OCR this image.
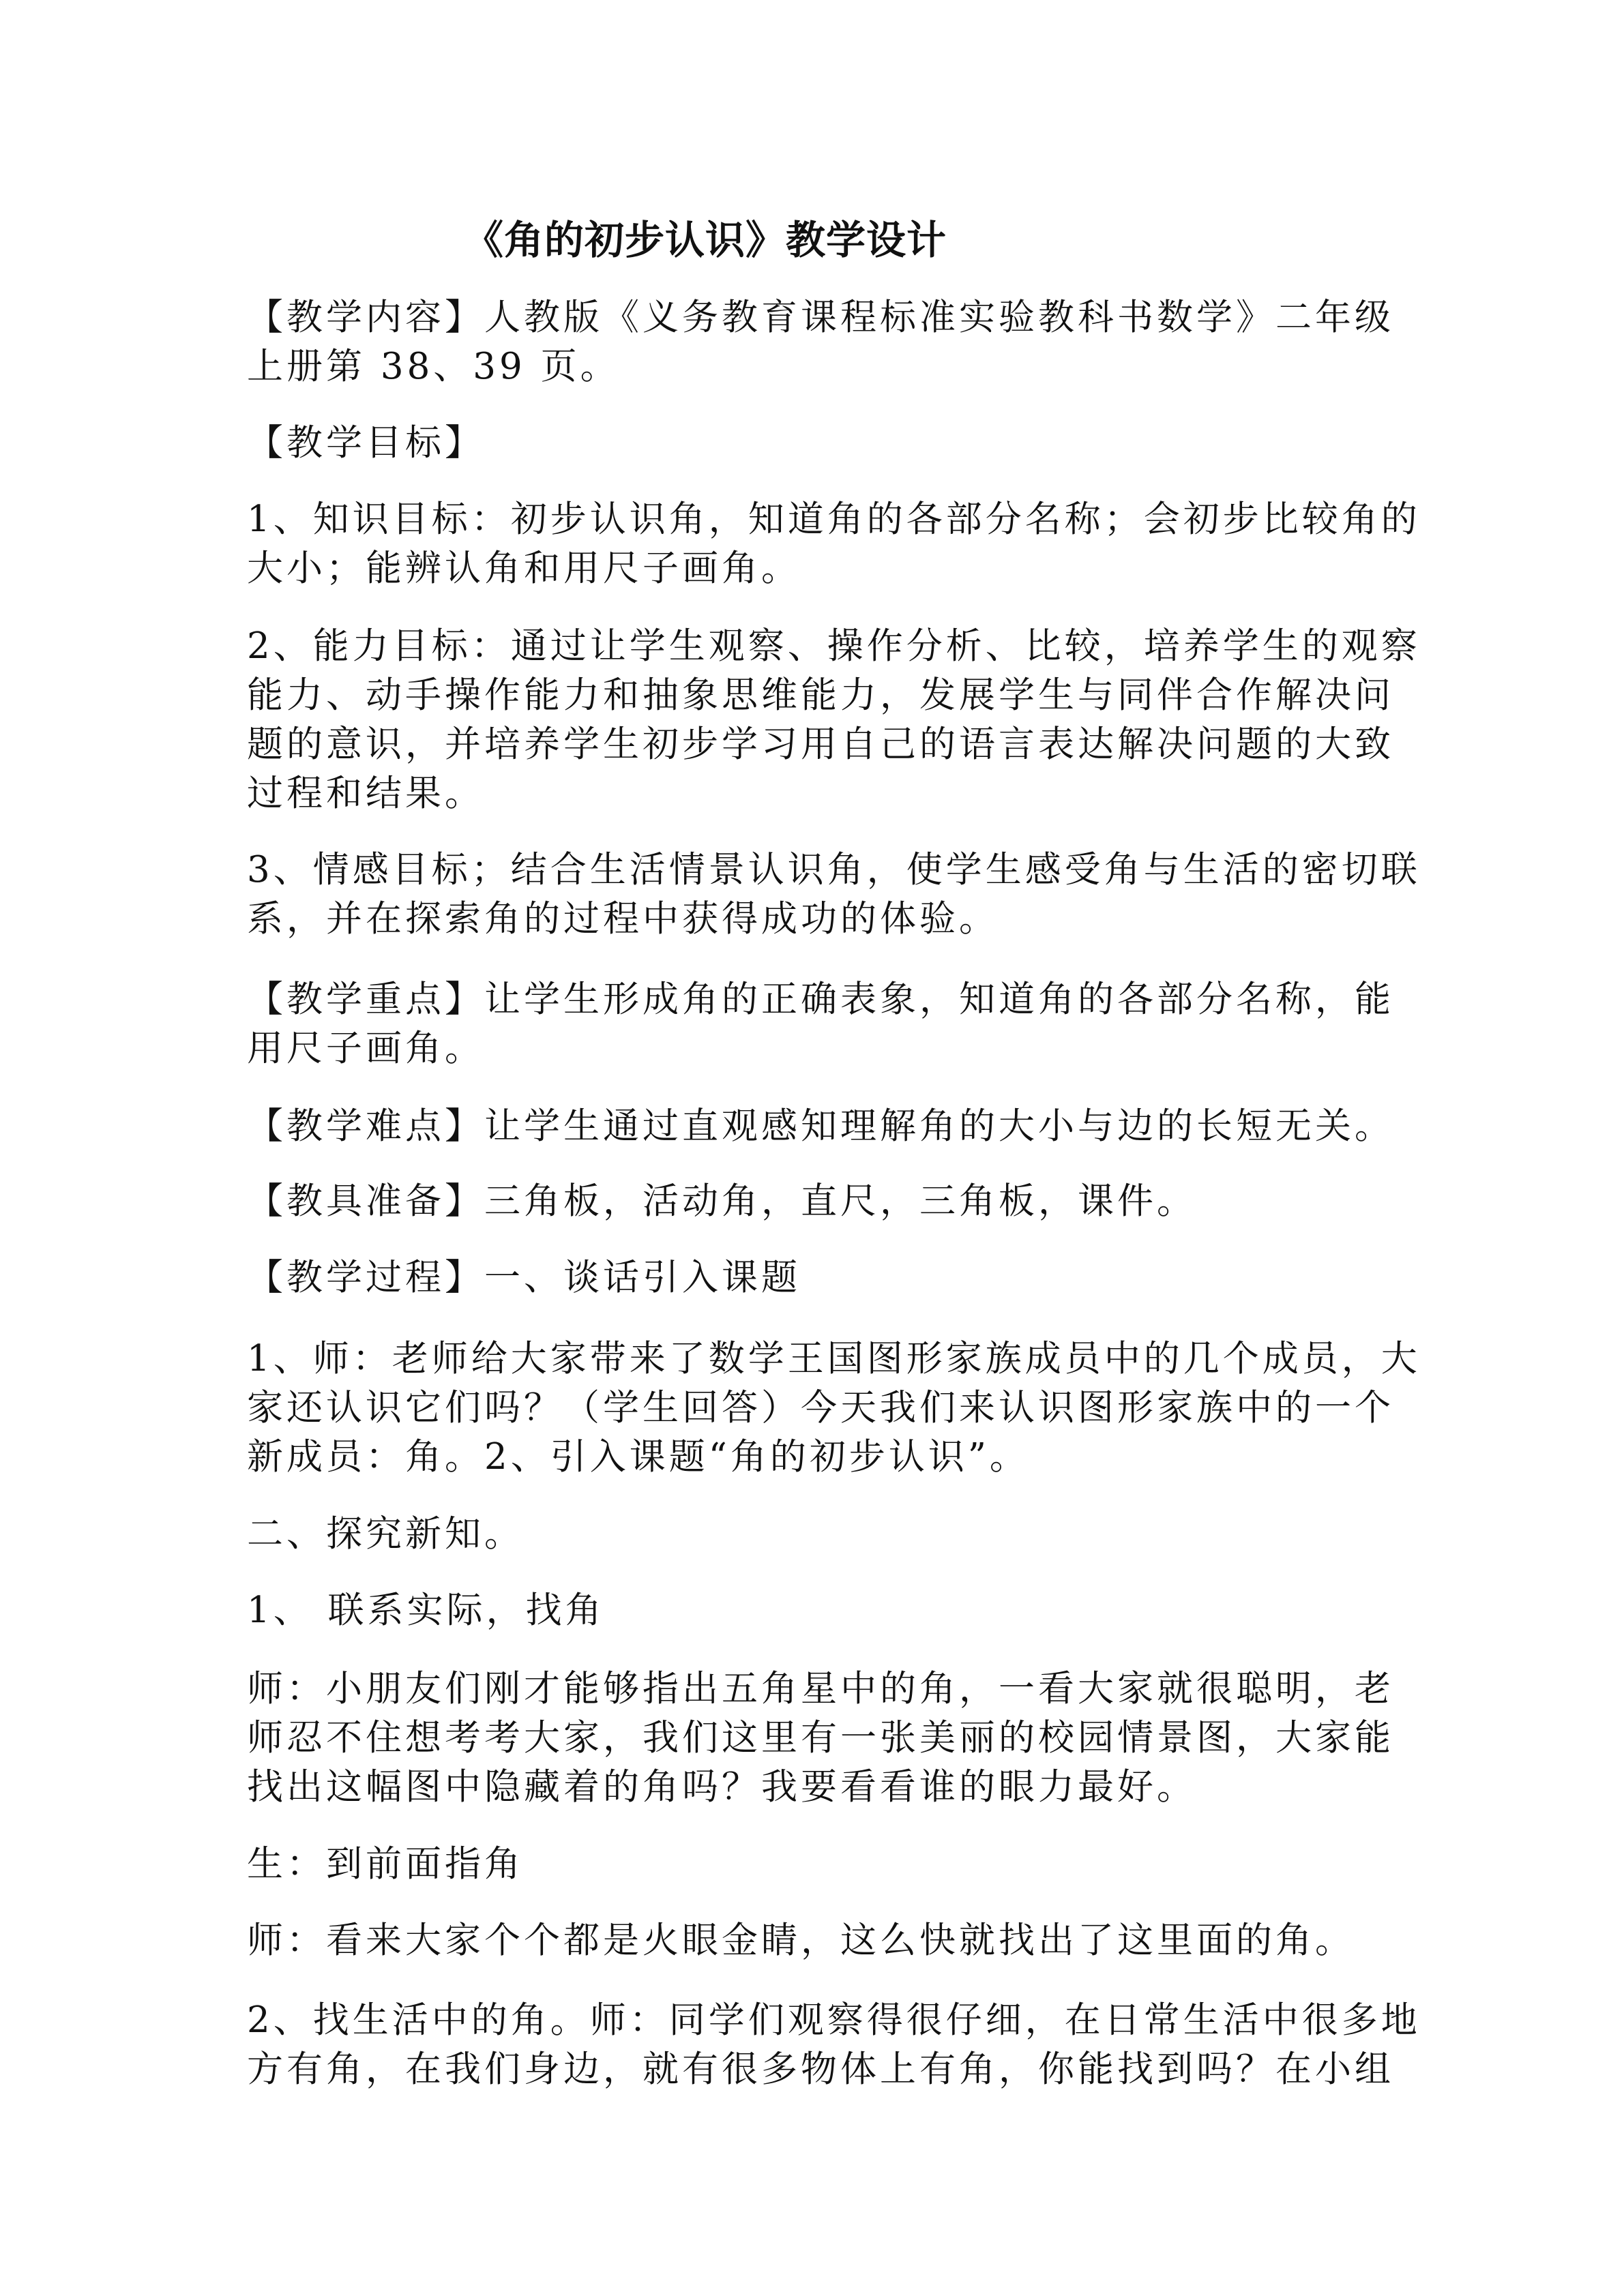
《角的初步认识》教学设计
【教学内容】人教版《义务教育课程标准实验教科书数学》二年级
上册第 38、39 页。
【教学目标】
1、知识目标：初步认识角，知道角的各部分名称；会初步比较角的
大小；能辨认角和用尺子画角。
2、能力目标：通过让学生观察、操作分析、比较，培养学生的观察
能力、动手操作能力和抽象思维能力，发展学生与同伴合作解决问
题的意识，并培养学生初步学习用自己的语言表达解决问题的大致
过程和结果。
3、情感目标；结合生活情景认识角，使学生感受角与生活的密切联
系，并在探索角的过程中获得成功的体验。
【教学重点】让学生形成角的正确表象，知道角的各部分名称，能
用尺子画角。
【教学难点】让学生通过直观感知理解角的大小与边的长短无关。
【教具准备】三角板，活动角，直尺，三角板，课件。
【教学过程】一、谈话引入课题
1、师：老师给大家带来了数学王国图形家族成员中的几个成员，大
家还认识它们吗？（学生回答）今天我们来认识图形家族中的一个
新成员：角。2、引入课题“角的初步认识”。
二、探究新知。
1、 联系实际，找角
师：小朋友们刚才能够指出五角星中的角，一看大家就很聪明，老
师忍不住想考考大家，我们这里有一张美丽的校园情景图，大家能
找出这幅图中隐藏着的角吗？我要看看谁的眼力最好。
生：到前面指角
师：看来大家个个都是火眼金睛，这么快就找出了这里面的角。
2、找生活中的角。师：同学们观察得很仔细，在日常生活中很多地
方有角，在我们身边，就有很多物体上有角，你能找到吗？在小组
